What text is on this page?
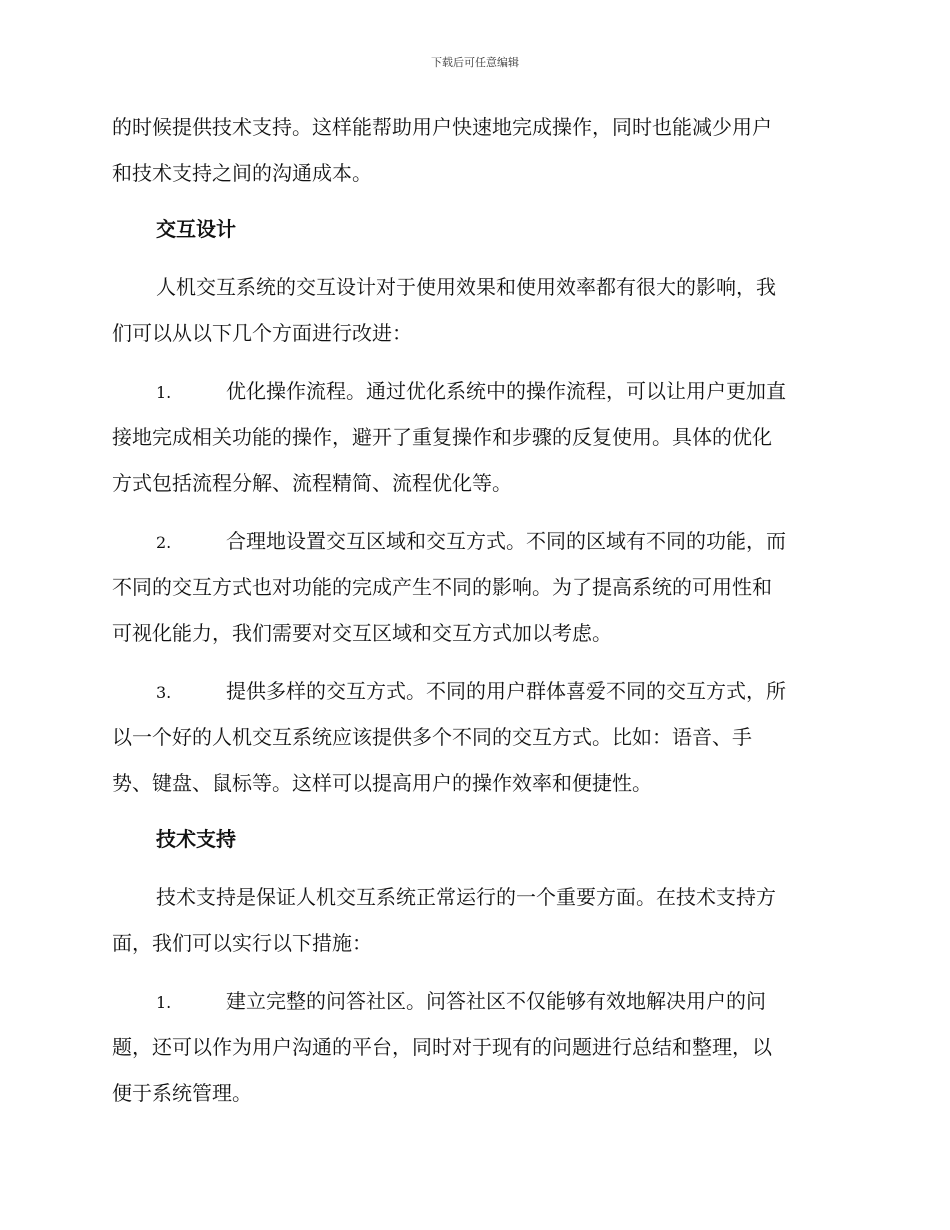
下载后可任意编辑
的时候提供技术支持。这样能帮助用户快速地完成操作，同时也能减少用户
和技术支持之间的沟通成本。
交互设计
人机交互系统的交互设计对于使用效果和使用效率都有很大的影响，我
们可以从以下几个方面进行改进：
1.	优化操作流程。通过优化系统中的操作流程，可以让用户更加直
接地完成相关功能的操作，避开了重复操作和步骤的反复使用。具体的优化
方式包括流程分解、流程精简、流程优化等。
2.	合理地设置交互区域和交互方式。不同的区域有不同的功能，而
不同的交互方式也对功能的完成产生不同的影响。为了提高系统的可用性和
可视化能力，我们需要对交互区域和交互方式加以考虑。
3.	提供多样的交互方式。不同的用户群体喜爱不同的交互方式，所
以一个好的人机交互系统应该提供多个不同的交互方式。比如：语音、手
势、键盘、鼠标等。这样可以提高用户的操作效率和便捷性。
技术支持
技术支持是保证人机交互系统正常运行的一个重要方面。在技术支持方
面，我们可以实行以下措施：
1.	建立完整的问答社区。问答社区不仅能够有效地解决用户的问
题，还可以作为用户沟通的平台，同时对于现有的问题进行总结和整理，以
便于系统管理。
